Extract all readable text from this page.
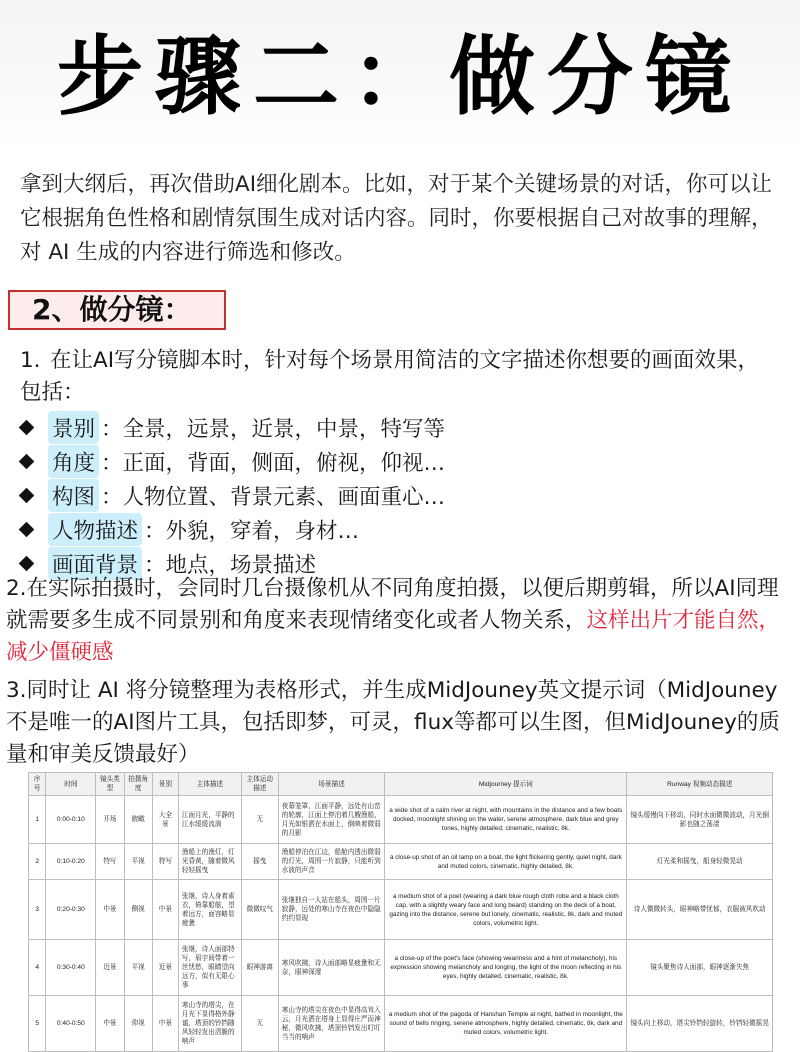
步骤二：做分镜
拿到大纲后，再次借助AI细化剧本。比如，对于某个关键场景的对话，你可以让它根据角色性格和剧情氛围生成对话内容。同时，你要根据自己对故事的理解，对 AI 生成的内容进行筛选和修改。
2、做分镜：
1. 在让AI写分镜脚本时，针对每个场景用简洁的文字描述你想要的画面效果，包括：
景别 ：全景，远景，近景，中景，特写等
角度 ：正面，背面，侧面，俯视，仰视…
构图 ：人物位置、背景元素、画面重心…
人物描述 ：外貌，穿着，身材…
画面背景 ：地点，场景描述
2.在实际拍摄时，会同时几台摄像机从不同角度拍摄，以便后期剪辑，所以AI同理就需要多生成不同景别和角度来表现情绪变化或者人物关系，这样出片才能自然，减少僵硬感
3.同时让 AI 将分镜整理为表格形式，并生成MidJouney英文提示词（MidJouney不是唯一的AI图片工具，包括即梦，可灵，flux等都可以生图，但MidJouney的质量和审美反馈最好）
序号	时间	镜头类型	拍摄角度	景别	主体描述	主体运动描述	场景描述	Midjourney 提示词	Runway 视频动态描述
1	0:00-0:10	开场	俯瞰	大全景	江面月光，平静的江水缓缓流淌	无	夜幕笼罩，江面平静，远处有山峦的轮廓，江面上停泊着几艘渔船，月光如银洒在水面上，倒映着微弱的月影	a wide shot of a calm river at night, with mountains in the distance and a few boats docked, moonlight shining on the water, serene atmosphere, dark blue and grey tones, highly detailed, cinematic, realistic, 8k.	镜头缓慢向下移动，同时水面微微波动，月光倒影也随之荡漾
2	0:10-0:20	特写	平视	特写	渔船上的渔灯，灯光昏黄，随着微风轻轻摇曳	摇曳	渔船停泊在江边，船舱内透出微弱的灯光，周围一片寂静，只能听到水波的声音	a close-up shot of an oil lamp on a boat, the light flickering gently, quiet night, dark and muted colors, cinematic, highly detailed, 8k.	灯光柔和摇曳，船身轻微晃动
3	0:20-0:30	中景	侧视	中景	张继，诗人身着素衣，倚靠船舷，望着远方，面容略显疲惫	微微叹气	张继独自一人站在船头，周围一片寂静，远处的寒山寺在夜色中隐隐约约显现	a medium shot of a poet (wearing a dark blue rough cloth robe and a black cloth cap, with a slightly weary face and long beard) standing on the deck of a boat, gazing into the distance, serene but lonely, cinematic, realistic, 8k, dark and muted colors, volumetric light.	诗人微微转头，眼神略带忧郁，衣服被风吹动
4	0:30-0:40	近景	平视	近景	张继，诗人面部特写，眉宇间带着一丝忧愁，眼睛望向远方，似有无限心事	眼神游离	寒风吹拂，诗人面部略显疲惫和无奈，眼神深邃	a close-up of the poet's face (showing weariness and a hint of melancholy), his expression showing melancholy and longing, the light of the moon reflecting in his eyes, highly detailed, cinematic, realistic, 8k.	镜头聚焦诗人面部，眼神逐渐失焦
5	0:40-0:50	中景	仰视	中景	寒山寺的塔尖，在月光下显得格外静谧，塔顶的铃铛随风轻轻发出清脆的响声	无	寒山寺的塔尖在夜色中显得高耸入云，月光洒在塔身上显得庄严而神秘，微风吹拂，塔顶铃铛发出叮叮当当的响声	a medium shot of the pagoda of Hanshan Temple at night, bathed in moonlight, the sound of bells ringing, serene atmosphere, highly detailed, cinematic, 8k, dark and muted colors, volumetric light.	镜头向上移动，塔尖铃铛轻旋转，铃铛轻微摇晃
